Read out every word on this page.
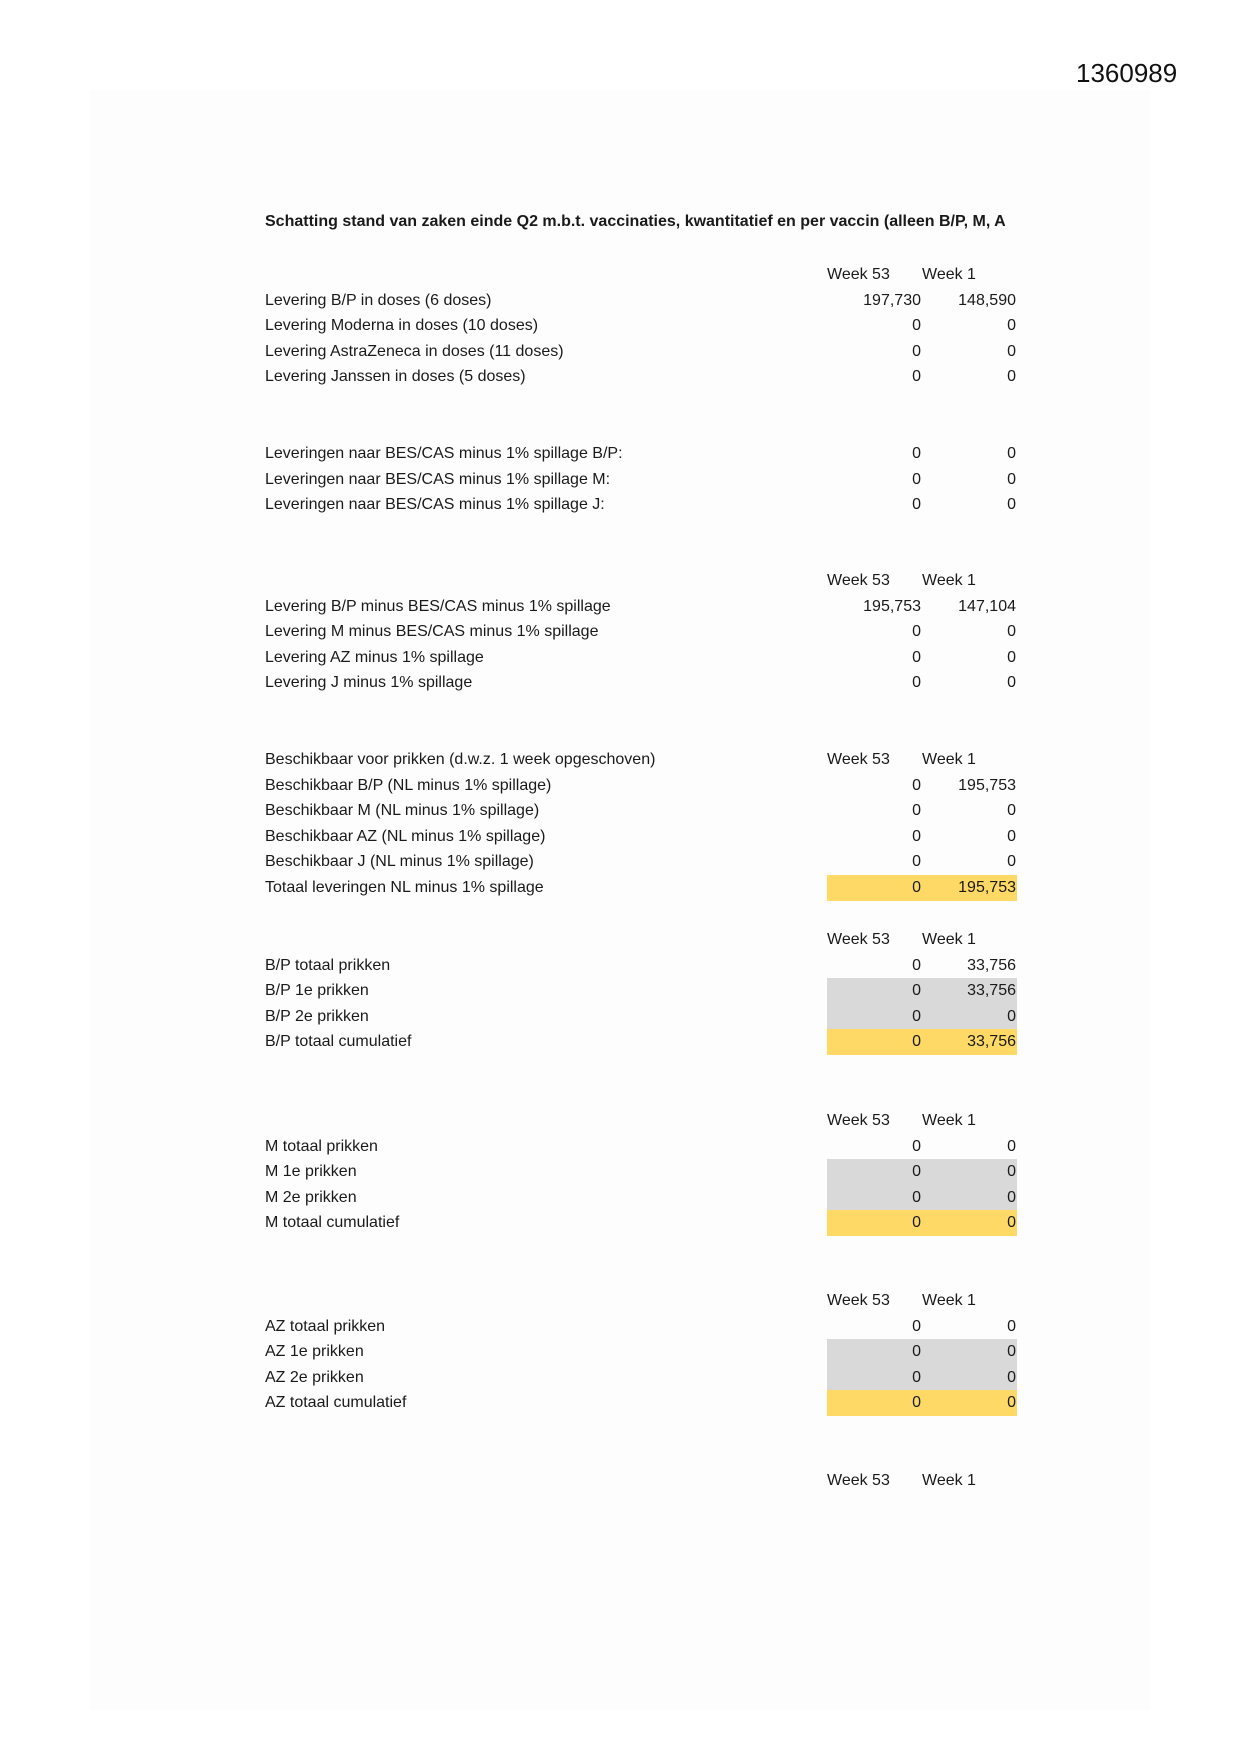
1360989
Schatting stand van zaken einde Q2 m.b.t. vaccinaties, kwantitatief en per vaccin (alleen B/P, M, A
Week 53 Week 1
Levering B/P in doses (6 doses)	197,730 148,590
Levering Moderna in doses (10 doses)	0	0
Levering AstraZeneca in doses (11 doses)	0	0
Levering Janssen in doses (5 doses)	0	0
Leveringen naar BES/CAS minus 1% spillage B/P:	0	0
Leveringen naar BES/CAS minus 1% spillage M:	0	0
Leveringen naar BES/CAS minus 1% spillage J:	0	0
Week 53 Week 1
Levering B/P minus BES/CAS minus 1% spillage	195,753 147,104
Levering M minus BES/CAS minus 1% spillage	0	0
Levering AZ minus 1% spillage	0	0
Levering J minus 1% spillage	0	0
Beschikbaar voor prikken (d.w.z. 1 week opgeschoven)	Week 53 Week 1
Beschikbaar B/P (NL minus 1% spillage)	0 195,753
Beschikbaar M (NL minus 1% spillage)	0	0
Beschikbaar AZ (NL minus 1% spillage)	0	0
Beschikbaar J (NL minus 1% spillage)	0	0
Totaal leveringen NL minus 1% spillage	0 195,753
Week 53 Week 1
B/P totaal prikken	0	33,756
B/P 1e prikken	0	33,756
B/P 2e prikken	0	0
B/P totaal cumulatief	0	33,756
Week 53 Week 1
M totaal prikken	0	0
M 1e prikken	0	0
M 2e prikken	0	0
M totaal cumulatief	0	0
Week 53 Week 1
AZ totaal prikken	0	0
AZ 1e prikken	0	0
AZ 2e prikken	0	0
AZ totaal cumulatief	0	0
Week 53 Week 1
